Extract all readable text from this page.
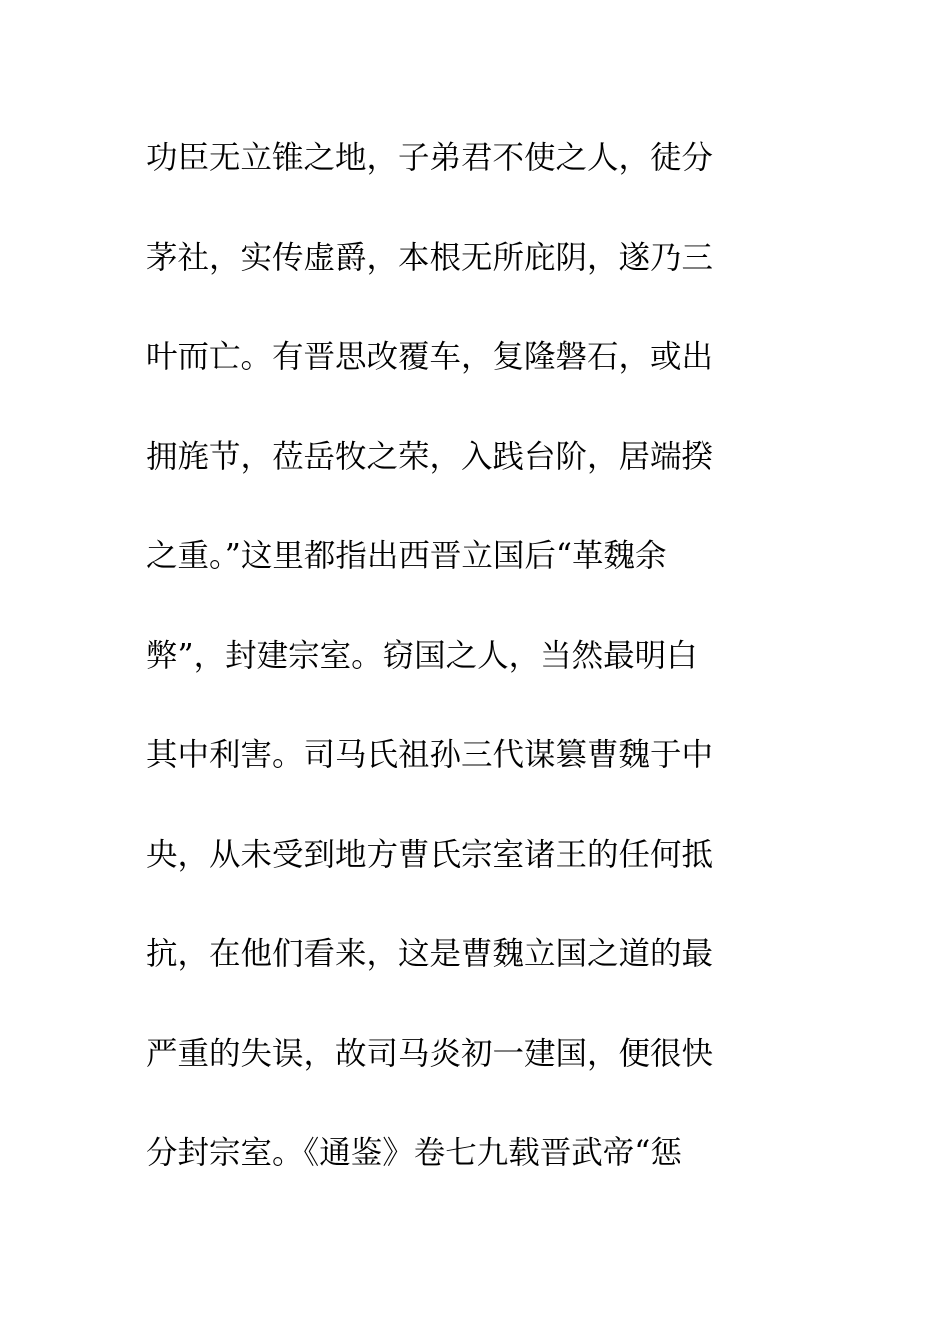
功臣无立锥之地，子弟君不使之人，徒分
茅社，实传虚爵，本根无所庇阴，遂乃三
叶而亡。有晋思改覆车，复隆磐石，或出
拥旄节，莅岳牧之荣，入践台阶，居端揆
之重。”这里都指出西晋立国后“革魏余
弊”，封建宗室。窃国之人，当然最明白
其中利害。司马氏祖孙三代谋篡曹魏于中
央，从未受到地方曹氏宗室诸王的任何抵
抗，在他们看来，这是曹魏立国之道的最
严重的失误，故司马炎初一建国，便很快
分封宗室。《通鉴》卷七九载晋武帝“惩
